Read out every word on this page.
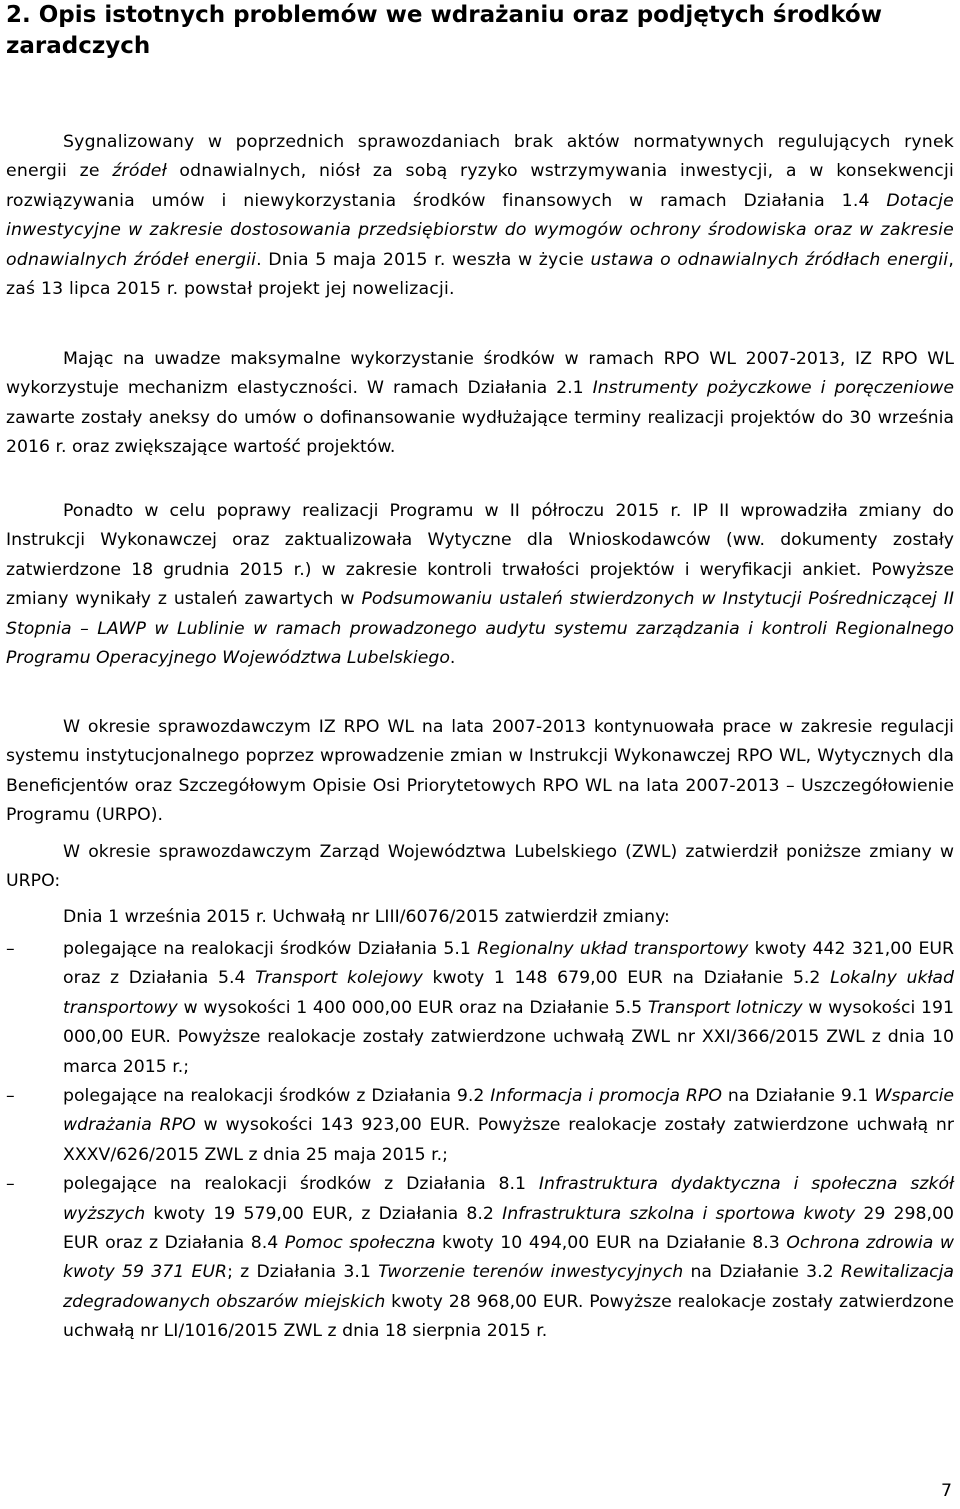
2. Opis istotnych problemów we wdrażaniu oraz podjętych środków zaradczych

Sygnalizowany w poprzednich sprawozdaniach brak aktów normatywnych regulujących rynek energii ze źródeł odnawialnych, niósł za sobą ryzyko wstrzymywania inwestycji, a w konsekwencji rozwiązywania umów i niewykorzystania środków finansowych w ramach Działania 1.4 Dotacje inwestycyjne w zakresie dostosowania przedsiębiorstw do wymogów ochrony środowiska oraz w zakresie odnawialnych źródeł energii. Dnia 5 maja 2015 r. weszła w życie ustawa o odnawialnych źródłach energii, zaś 13 lipca 2015 r. powstał projekt jej nowelizacji.

Mając na uwadze maksymalne wykorzystanie środków w ramach RPO WL 2007-2013, IZ RPO WL wykorzystuje mechanizm elastyczności. W ramach Działania 2.1 Instrumenty pożyczkowe i poręczeniowe zawarte zostały aneksy do umów o dofinansowanie wydłużające terminy realizacji projektów do 30 września 2016 r. oraz zwiększające wartość projektów.

Ponadto w celu poprawy realizacji Programu w II półroczu 2015 r. IP II wprowadziła zmiany do Instrukcji Wykonawczej oraz zaktualizowała Wytyczne dla Wnioskodawców (ww. dokumenty zostały zatwierdzone 18 grudnia 2015 r.) w zakresie kontroli trwałości projektów i weryfikacji ankiet. Powyższe zmiany wynikały z ustaleń zawartych w Podsumowaniu ustaleń stwierdzonych w Instytucji Pośredniczącej II Stopnia – LAWP w Lublinie w ramach prowadzonego audytu systemu zarządzania i kontroli Regionalnego Programu Operacyjnego Województwa Lubelskiego.

W okresie sprawozdawczym IZ RPO WL na lata 2007-2013 kontynuowała prace w zakresie regulacji systemu instytucjonalnego poprzez wprowadzenie zmian w Instrukcji Wykonawczej RPO WL, Wytycznych dla Beneficjentów oraz Szczegółowym Opisie Osi Priorytetowych RPO WL na lata 2007-2013 – Uszczegółowienie Programu (URPO).

W okresie sprawozdawczym Zarząd Województwa Lubelskiego (ZWL) zatwierdził poniższe zmiany w URPO:

Dnia 1 września 2015 r. Uchwałą nr LIII/6076/2015 zatwierdził zmiany:

–	polegające na realokacji środków Działania 5.1 Regionalny układ transportowy kwoty 442 321,00 EUR oraz z Działania 5.4 Transport kolejowy kwoty 1 148 679,00 EUR na Działanie 5.2 Lokalny układ transportowy w wysokości 1 400 000,00 EUR oraz na Działanie 5.5 Transport lotniczy w wysokości 191 000,00 EUR. Powyższe realokacje zostały zatwierdzone uchwałą ZWL nr XXI/366/2015 ZWL z dnia 10 marca 2015 r.;
–	polegające na realokacji środków z Działania 9.2 Informacja i promocja RPO na Działanie 9.1 Wsparcie wdrażania RPO w wysokości 143 923,00 EUR. Powyższe realokacje zostały zatwierdzone uchwałą nr XXXV/626/2015 ZWL z dnia 25 maja 2015 r.;
–	polegające na realokacji środków z Działania 8.1 Infrastruktura dydaktyczna i społeczna szkół wyższych kwoty 19 579,00 EUR, z Działania 8.2 Infrastruktura szkolna i sportowa kwoty 29 298,00 EUR oraz z Działania 8.4 Pomoc społeczna kwoty 10 494,00 EUR na Działanie 8.3 Ochrona zdrowia w kwoty 59 371 EUR; z Działania 3.1 Tworzenie terenów inwestycyjnych na Działanie 3.2 Rewitalizacja zdegradowanych obszarów miejskich kwoty 28 968,00 EUR. Powyższe realokacje zostały zatwierdzone uchwałą nr LI/1016/2015 ZWL z dnia 18 sierpnia 2015 r.
7
